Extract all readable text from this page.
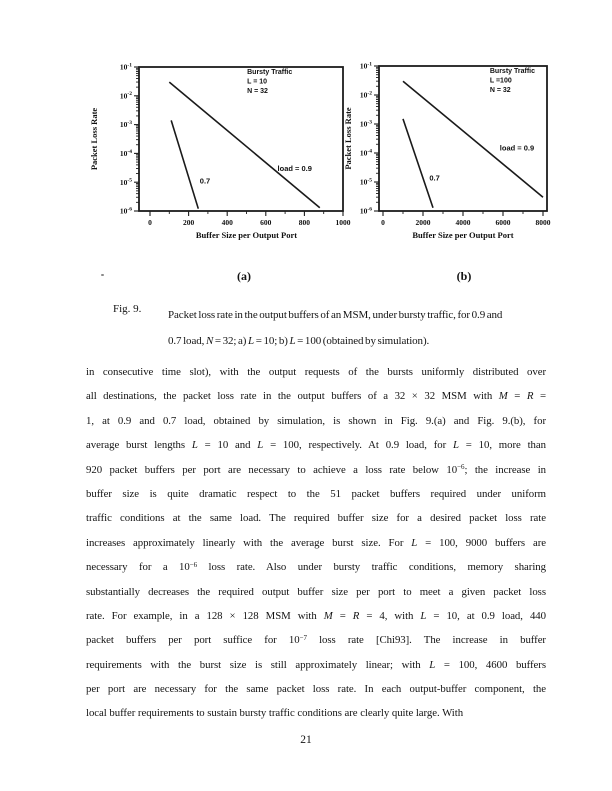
$10^{-1}$
$10^{-2}$
$10^{-3}$
$10^{-4}$
$10^{-5}$
$10^{-6}$
0	200	400	600	800	1000
Buffer Size per Output Port
Packet Loss Rate
Bursty Traffic
L = 10
N = 32
load = 0.9
0.7
$10^{-1}$
$10^{-2}$
$10^{-3}$
$10^{-4}$
$10^{-5}$
$10^{-6}$
0	2000	4000	6000	8000
Buffer Size per Output Port
Packet Loss Rate
Bursty Traffic
L =100
N = 32
load = 0.9
0.7
(a)	(b)
Fig. 9. Packet loss rate in the output buffers of an MSM, under bursty traffic, for 0.9 and
0.7 load, N = 32; a) L = 10; b) L = 100 (obtained by simulation).
in consecutive time slot), with the output requests of the bursts uniformly distributed over
all destinations, the packet loss rate in the output buffers of a 32 × 32 MSM with M = R =
1, at 0.9 and 0.7 load, obtained by simulation, is shown in Fig. 9.(a) and Fig. 9.(b), for
average burst lengths L = 10 and L = 100, respectively. At 0.9 load, for L = 10, more than
920 packet buffers per port are necessary to achieve a loss rate below $10^{-6}$; the increase in
buffer size is quite dramatic respect to the 51 packet buffers required under uniform
traffic conditions at the same load. The required buffer size for a desired packet loss rate
increases approximately linearly with the average burst size. For L = 100, 9000 buffers are
necessary for a $10^{-6}$ loss rate. Also under bursty traffic conditions, memory sharing
substantially decreases the required output buffer size per port to meet a given packet loss
rate. For example, in a 128 × 128 MSM with M = R = 4, with L = 10, at 0.9 load, 440
packet buffers per port suffice for $10^{-7}$ loss rate [Chi93]. The increase in buffer
requirements with the burst size is still approximately linear; with L = 100, 4600 buffers
per port are necessary for the same packet loss rate. In each output-buffer component, the
local buffer requirements to sustain bursty traffic conditions are clearly quite large. With
21
